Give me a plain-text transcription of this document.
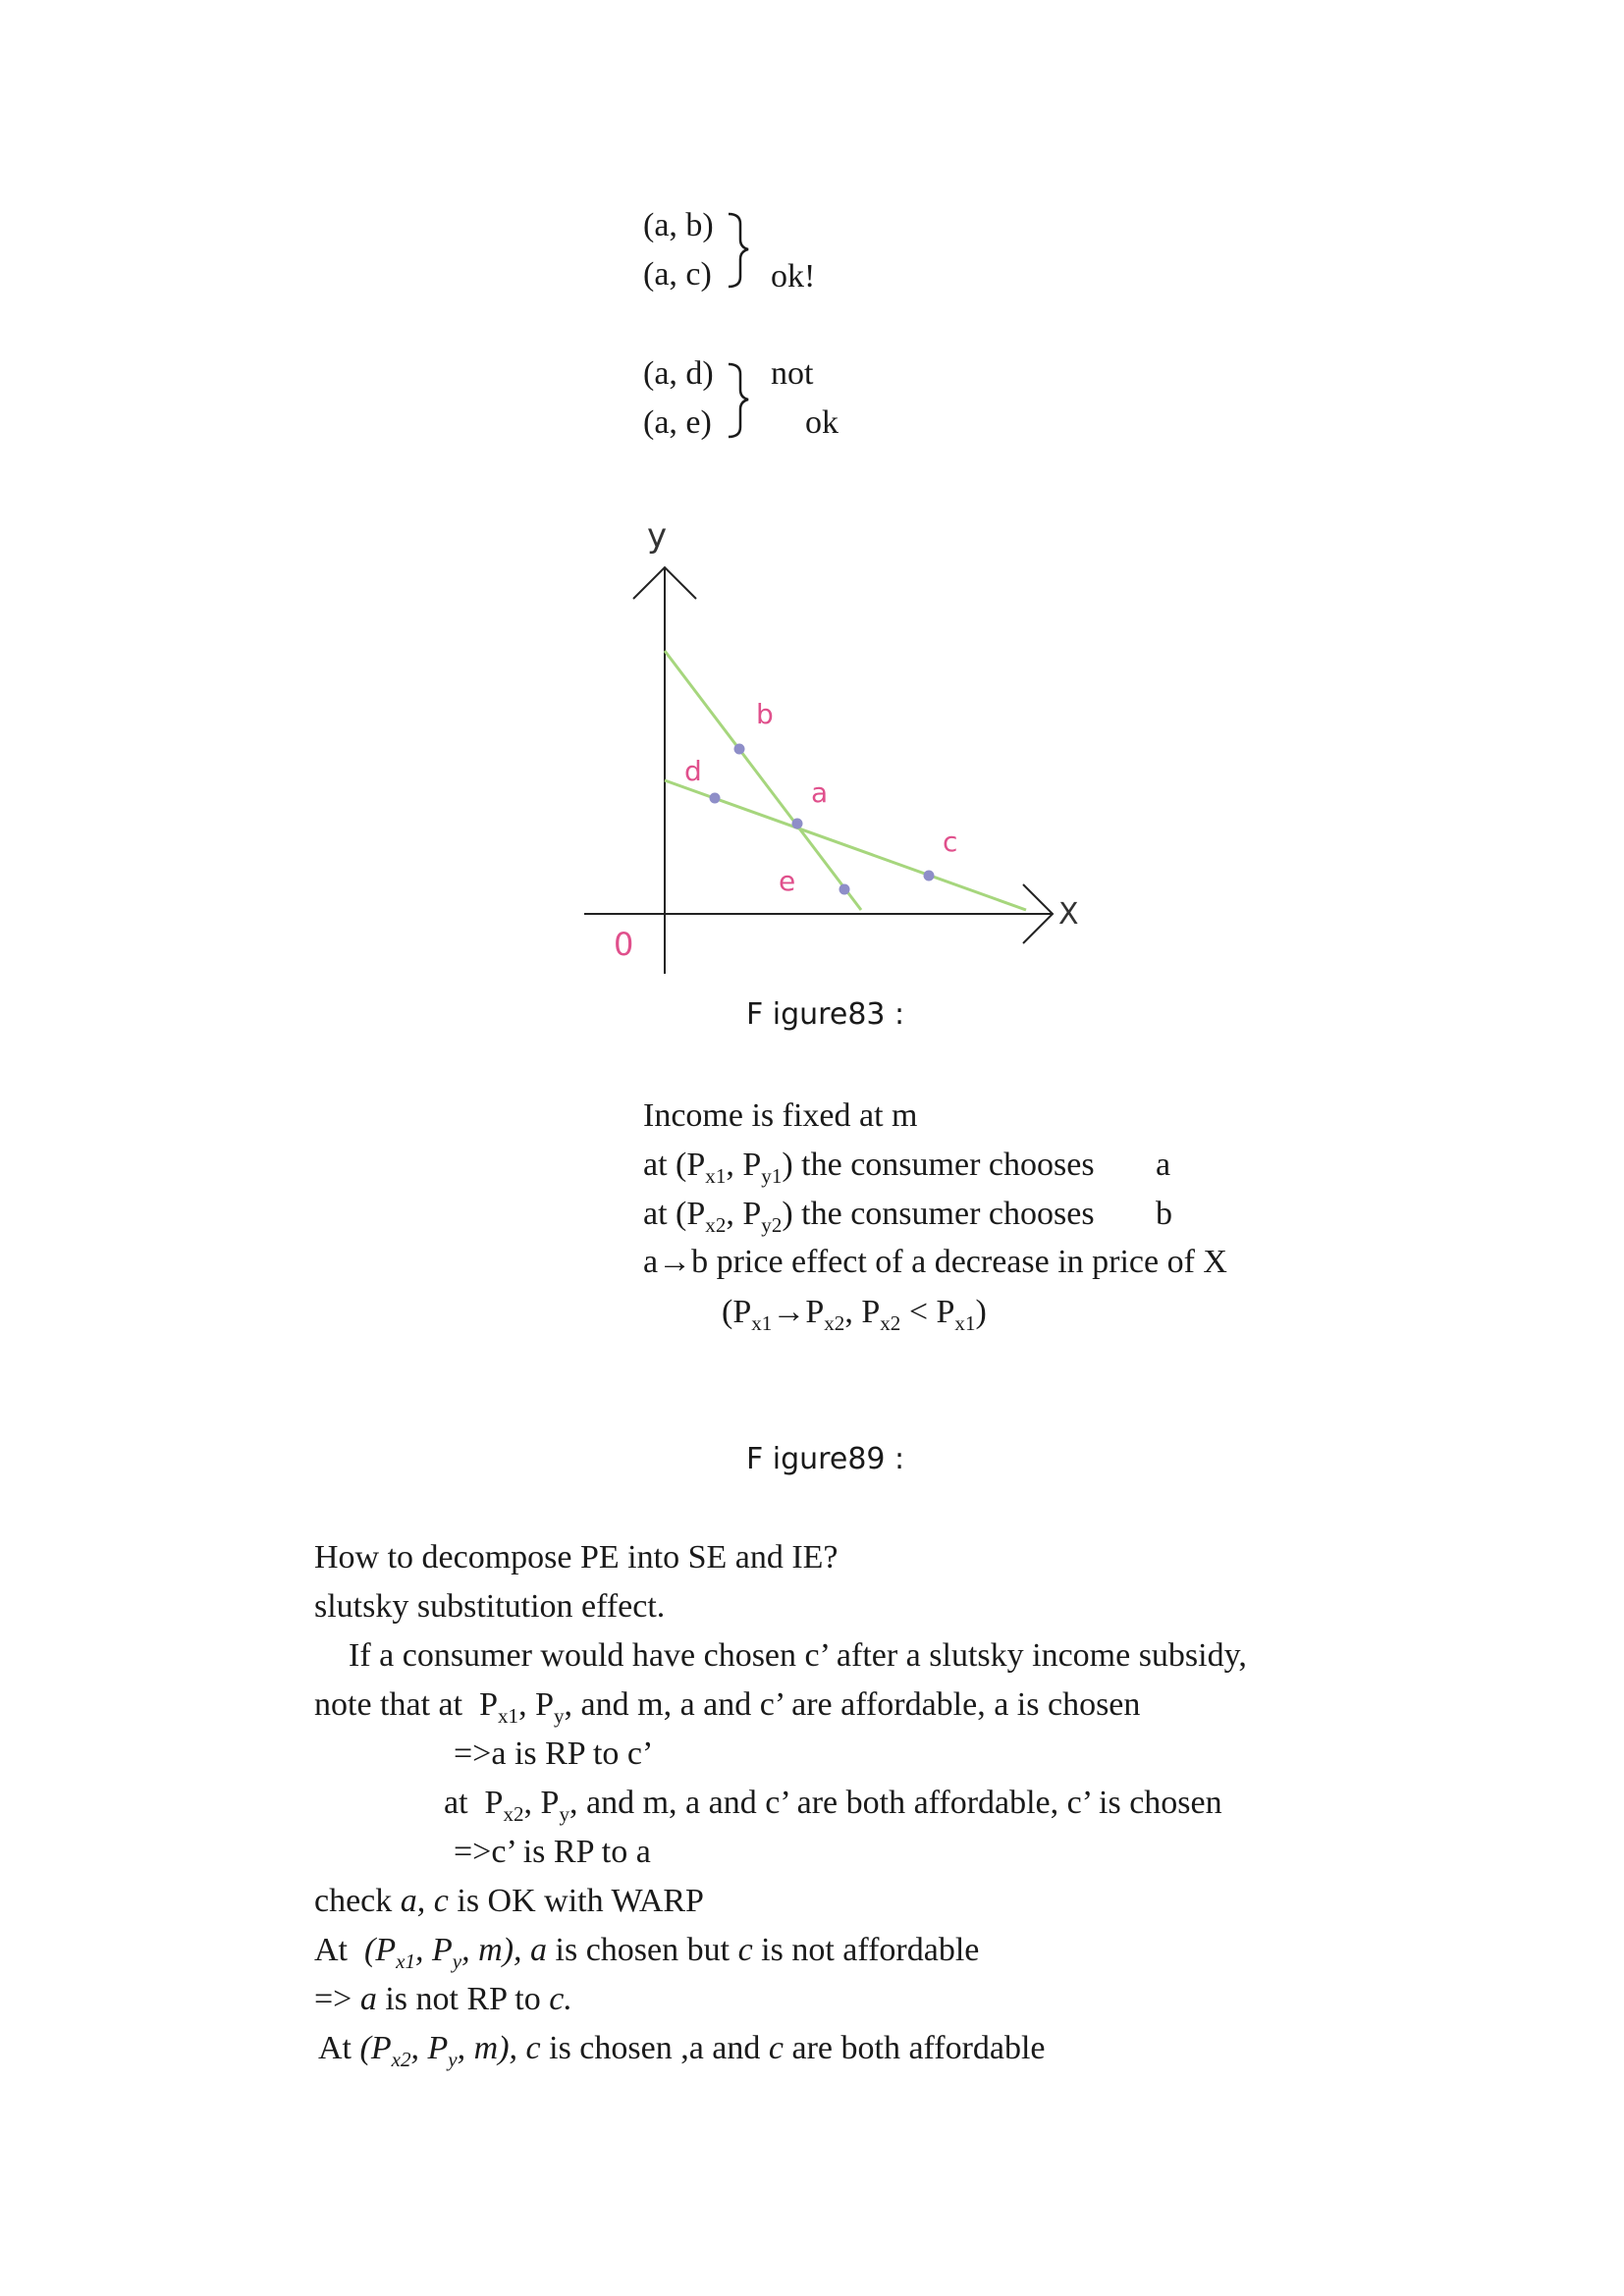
(a, b)
(a, c) ok!
(a, d)
(a, e)
not
ok
y
X
0
b
d
a
c
e
F igure83 :
Income is fixed at m
at ($P_{x1}$, $P_{y1}$) the consumer chooses a
at ($P_{x2}$, $P_{y2}$) the consumer chooses b
a→b price effect of a decrease in price of X
($P_{x1}\to P_{x2}$, $P_{x2} < P_{x1}$)
F igure89 :
How to decompose PE into SE and IE?
slutsky substitution effect.
If a consumer would have chosen c’ after a slutsky income subsidy,
note that at $P_{x1}$, $P_y$, and m, a and c’ are affordable, a is chosen
=>a is RP to c’
at $P_{x2}$, $P_y$, and m, a and c’ are both affordable, c’ is chosen
=>c’ is RP to a
check a, c is OK with WARP
At ($P_{x1}$, $P_y$, m), a is chosen but c is not affordable
=> a is not RP to c.
At ($P_{x2}$, $P_y$, m), c is chosen ,a and c are both affordable
